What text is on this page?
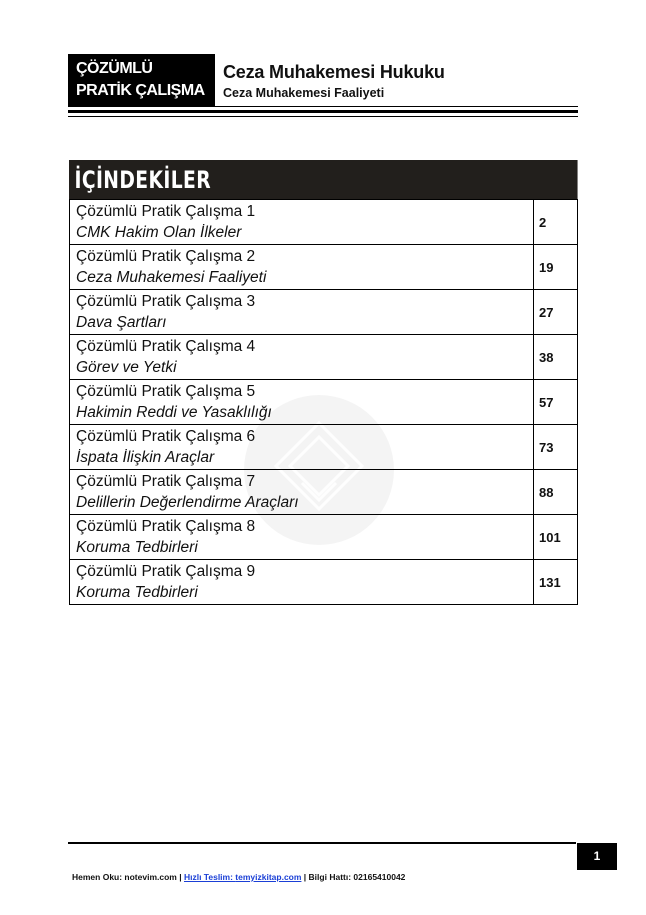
ÇÖZÜMLÜ
PRATİK ÇALIŞMA
Ceza Muhakemesi Hukuku
Ceza Muhakemesi Faaliyeti
İÇİNDEKİLER
Çözümlü Pratik Çalışma 1
CMK Hakim Olan İlkeler	2

Çözümlü Pratik Çalışma 2
Ceza Muhakemesi Faaliyeti	19

Çözümlü Pratik Çalışma 3
Dava Şartları	27

Çözümlü Pratik Çalışma 4
Görev ve Yetki	38

Çözümlü Pratik Çalışma 5
Hakimin Reddi ve Yasaklılığı	57

Çözümlü Pratik Çalışma 6
İspata İlişkin Araçlar	73

Çözümlü Pratik Çalışma 7
Delillerin Değerlendirme Araçları	88

Çözümlü Pratik Çalışma 8
Koruma Tedbirleri	101

Çözümlü Pratik Çalışma 9
Koruma Tedbirleri	131
1
Hemen Oku: notevim.com | Hızlı Teslim: temyizkitap.com | Bilgi Hattı: 02165410042
